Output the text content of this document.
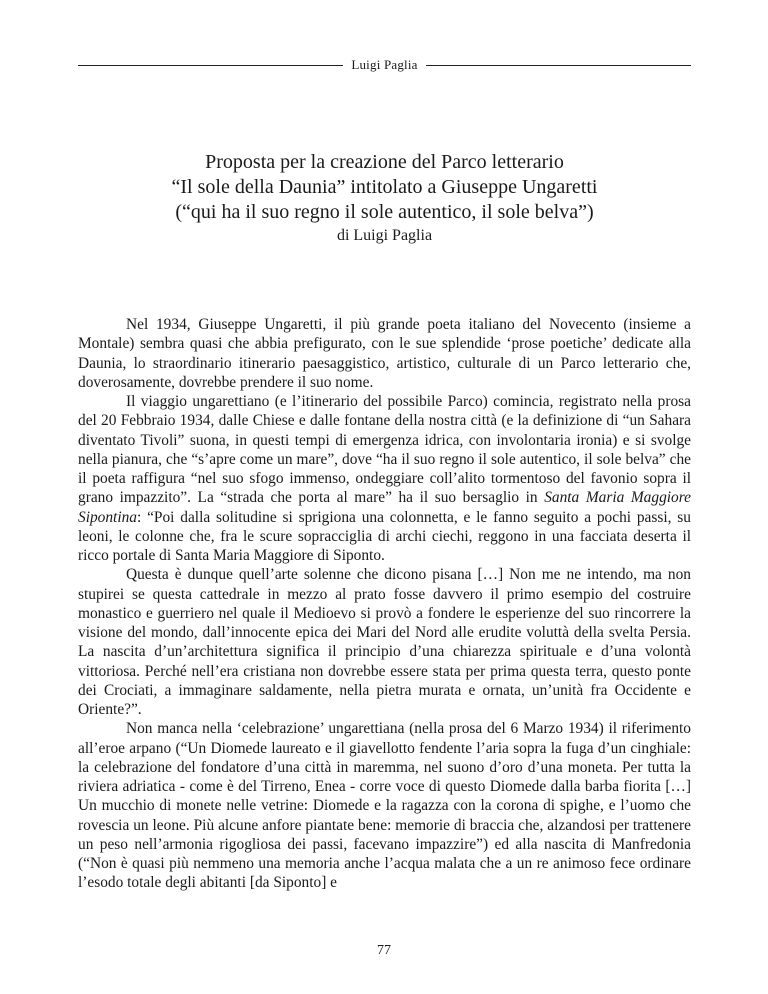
Luigi Paglia

Proposta per la creazione del Parco letterario

“Il sole della Daunia” intitolato a Giuseppe Ungaretti

(“qui ha il suo regno il sole autentico, il sole belva”)

di Luigi Paglia

Nel 1934, Giuseppe Ungaretti, il più grande poeta italiano del Novecento (insieme a Montale) sembra quasi che abbia prefigurato, con le sue splendide ‘prose poetiche’ dedicate alla Daunia, lo straordinario itinerario paesaggistico, artistico, culturale di un Parco letterario che, doverosamente, dovrebbe prendere il suo nome.

Il viaggio ungarettiano (e l’itinerario del possibile Parco) comincia, registrato nella prosa del 20 Febbraio 1934, dalle Chiese e dalle fontane della nostra città (e la definizione di “un Sahara diventato Tivoli” suona, in questi tempi di emergenza idrica, con involontaria ironia) e si svolge nella pianura, che “s’apre come un mare”, dove “ha il suo regno il sole autentico, il sole belva” che il poeta raffigura “nel suo sfogo immenso, ondeggiare coll’alito tormentoso del favonio sopra il grano impazzito”. La “strada che porta al mare” ha il suo bersaglio in Santa Maria Maggiore Sipontina: “Poi dalla solitudine si sprigiona una colonnetta, e le fanno seguito a pochi passi, su leoni, le colonne che, fra le scure sopracciglia di archi ciechi, reggono in una facciata deserta il ricco portale di Santa Maria Maggiore di Siponto.

Questa è dunque quell’arte solenne che dicono pisana […] Non me ne intendo, ma non stupirei se questa cattedrale in mezzo al prato fosse davvero il primo esempio del costruire monastico e guerriero nel quale il Medioevo si provò a fondere le esperienze del suo rincorrere la visione del mondo, dall’innocente epica dei Mari del Nord alle erudite voluttà della svelta Persia. La nascita d’un’architettura significa il principio d’una chiarezza spirituale e d’una volontà vittoriosa. Perché nell’era cristiana non dovrebbe essere stata per prima questa terra, questo ponte dei Crociati, a immaginare saldamente, nella pietra murata e ornata, un’unità fra Occidente e Oriente?”.

Non manca nella ‘celebrazione’ ungarettiana (nella prosa del 6 Marzo 1934) il riferimento all’eroe arpano (“Un Diomede laureato e il giavellotto fendente l’aria sopra la fuga d’un cinghiale: la celebrazione del fondatore d’una città in maremma, nel suono d’oro d’una moneta. Per tutta la riviera adriatica - come è del Tirreno, Enea - corre voce di questo Diomede dalla barba fiorita […] Un mucchio di monete nelle vetrine: Diomede e la ragazza con la corona di spighe, e l’uomo che rovescia un leone. Più alcune anfore piantate bene: memorie di braccia che, alzandosi per trattenere un peso nell’armonia rigogliosa dei passi, facevano impazzire”) ed alla nascita di Manfredonia (“Non è quasi più nemmeno una memoria anche l’acqua malata che a un re animoso fece ordinare l’esodo totale degli abitanti [da Siponto] e

77
